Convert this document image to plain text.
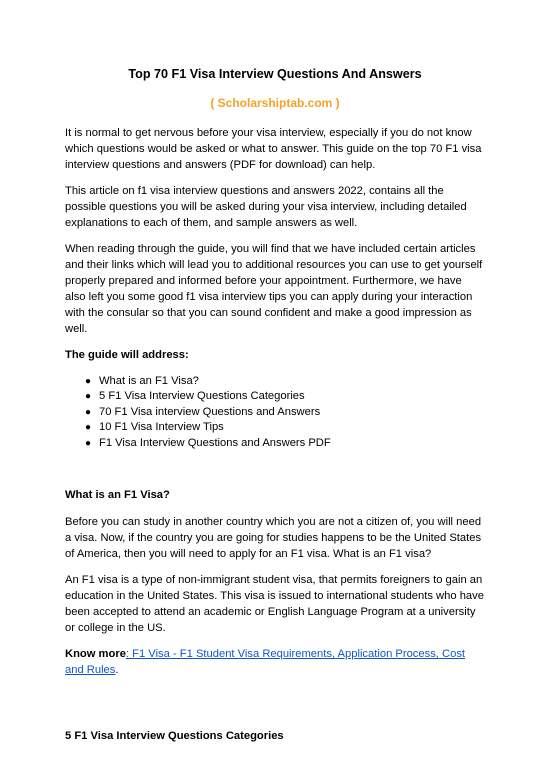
Top 70 F1 Visa Interview Questions And Answers
( Scholarshiptab.com )

It is normal to get nervous before your visa interview, especially if you do not know which questions would be asked or what to answer. This guide on the top 70 F1 visa interview questions and answers (PDF for download) can help.

This article on f1 visa interview questions and answers 2022, contains all the possible questions you will be asked during your visa interview, including detailed explanations to each of them, and sample answers as well.

When reading through the guide, you will find that we have included certain articles and their links which will lead you to additional resources you can use to get yourself properly prepared and informed before your appointment. Furthermore, we have also left you some good f1 visa interview tips you can apply during your interaction with the consular so that you can sound confident and make a good impression as well.

The guide will address:
● What is an F1 Visa?
● 5 F1 Visa Interview Questions Categories
● 70 F1 Visa interview Questions and Answers
● 10 F1 Visa Interview Tips
● F1 Visa Interview Questions and Answers PDF
What is an F1 Visa?

Before you can study in another country which you are not a citizen of, you will need a visa. Now, if the country you are going for studies happens to be the United States of America, then you will need to apply for an F1 visa. What is an F1 visa?

An F1 visa is a type of non-immigrant student visa, that permits foreigners to gain an education in the United States. This visa is issued to international students who have been accepted to attend an academic or English Language Program at a university or college in the US.

Know more: F1 Visa - F1 Student Visa Requirements, Application Process, Cost and Rules.

5 F1 Visa Interview Questions Categories
